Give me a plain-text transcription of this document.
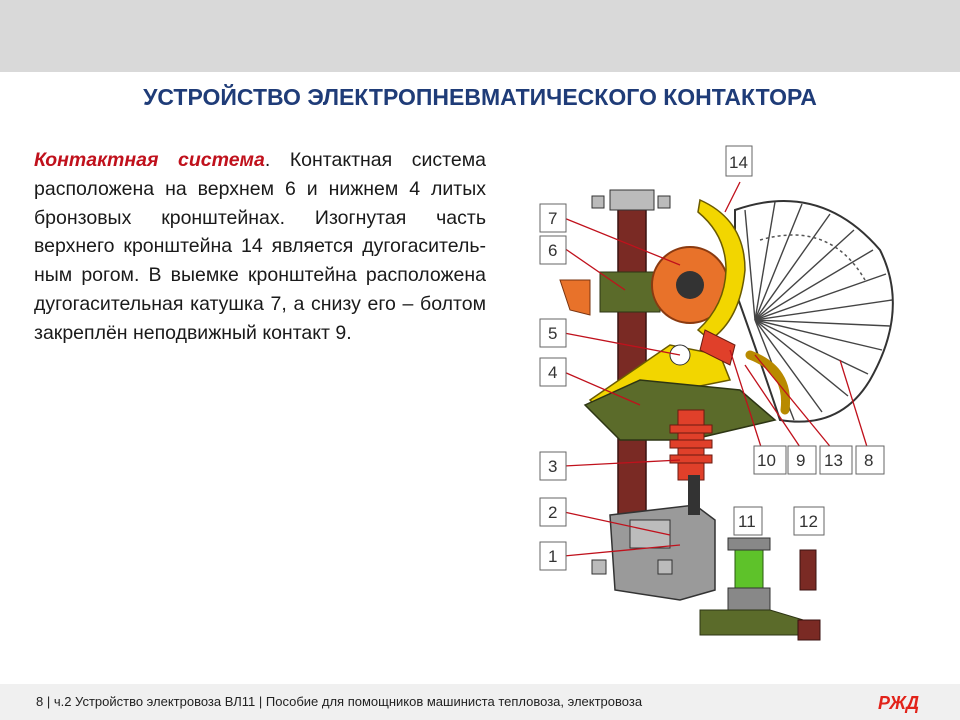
УСТРОЙСТВО ЭЛЕКТРОПНЕВМАТИЧЕСКОГО КОНТАКТОРА
Контактная система. Контактная система расположена на верхнем 6 и нижнем 4 литых бронзовых кронштейнах. Изогнутая часть верхнего кронштейна 14 является дугогаситель-ным рогом. В выемке кронштейна расположена дугогасительная катушка 7, а снизу его – болтом закреплён неподвижный контакт 9.
14
7
6
5
4
3
2
1
10 9 13 8
11	12
8 | ч.2 Устройство электровоза ВЛ11 | Пособие для помощников машиниста тепловоза, электровоза	РЖД
